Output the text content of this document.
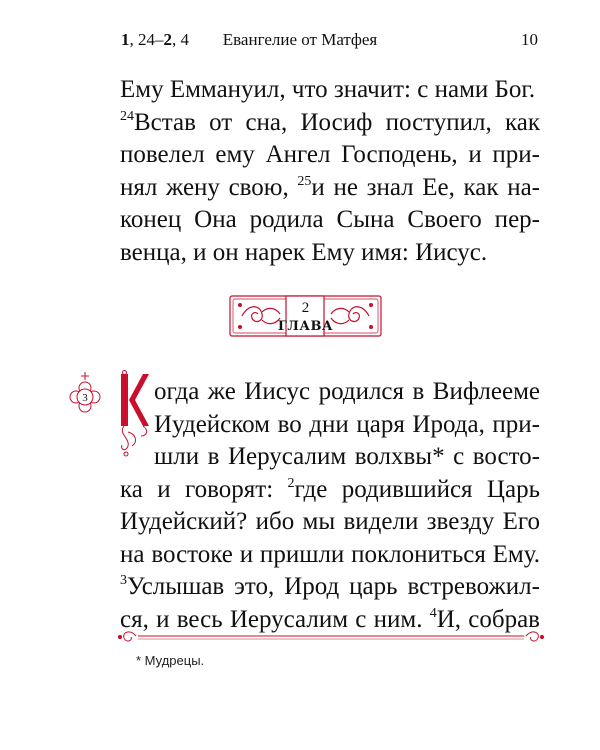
1, 24–2, 4	Евангелие от Матфея	10
Ему Еммануил, что значит: с нами Бог.
$^{24}$Встав от сна, Иосиф поступил, как
повелел ему Ангел Господень, и при-
нял жену свою, $^{25}$и не знал Ее, как на-
конец Она родила Сына Своего пер-
венца, и он нарек Ему имя: Иисус.
2
ГЛАВА
3	огда же Иисус родился в Вифлееме
Иудейском во дни царя Ирода, при-
шли в Иерусалим волхвы* с восто-
ка и говорят: $^2$где родившийся Царь
Иудейский? ибо мы видели звезду Его
на востоке и пришли поклониться Ему.
$^3$Услышав это, Ирод царь встревожил-
ся, и весь Иерусалим с ним. $^4$И, собрав
* Мудрецы.
